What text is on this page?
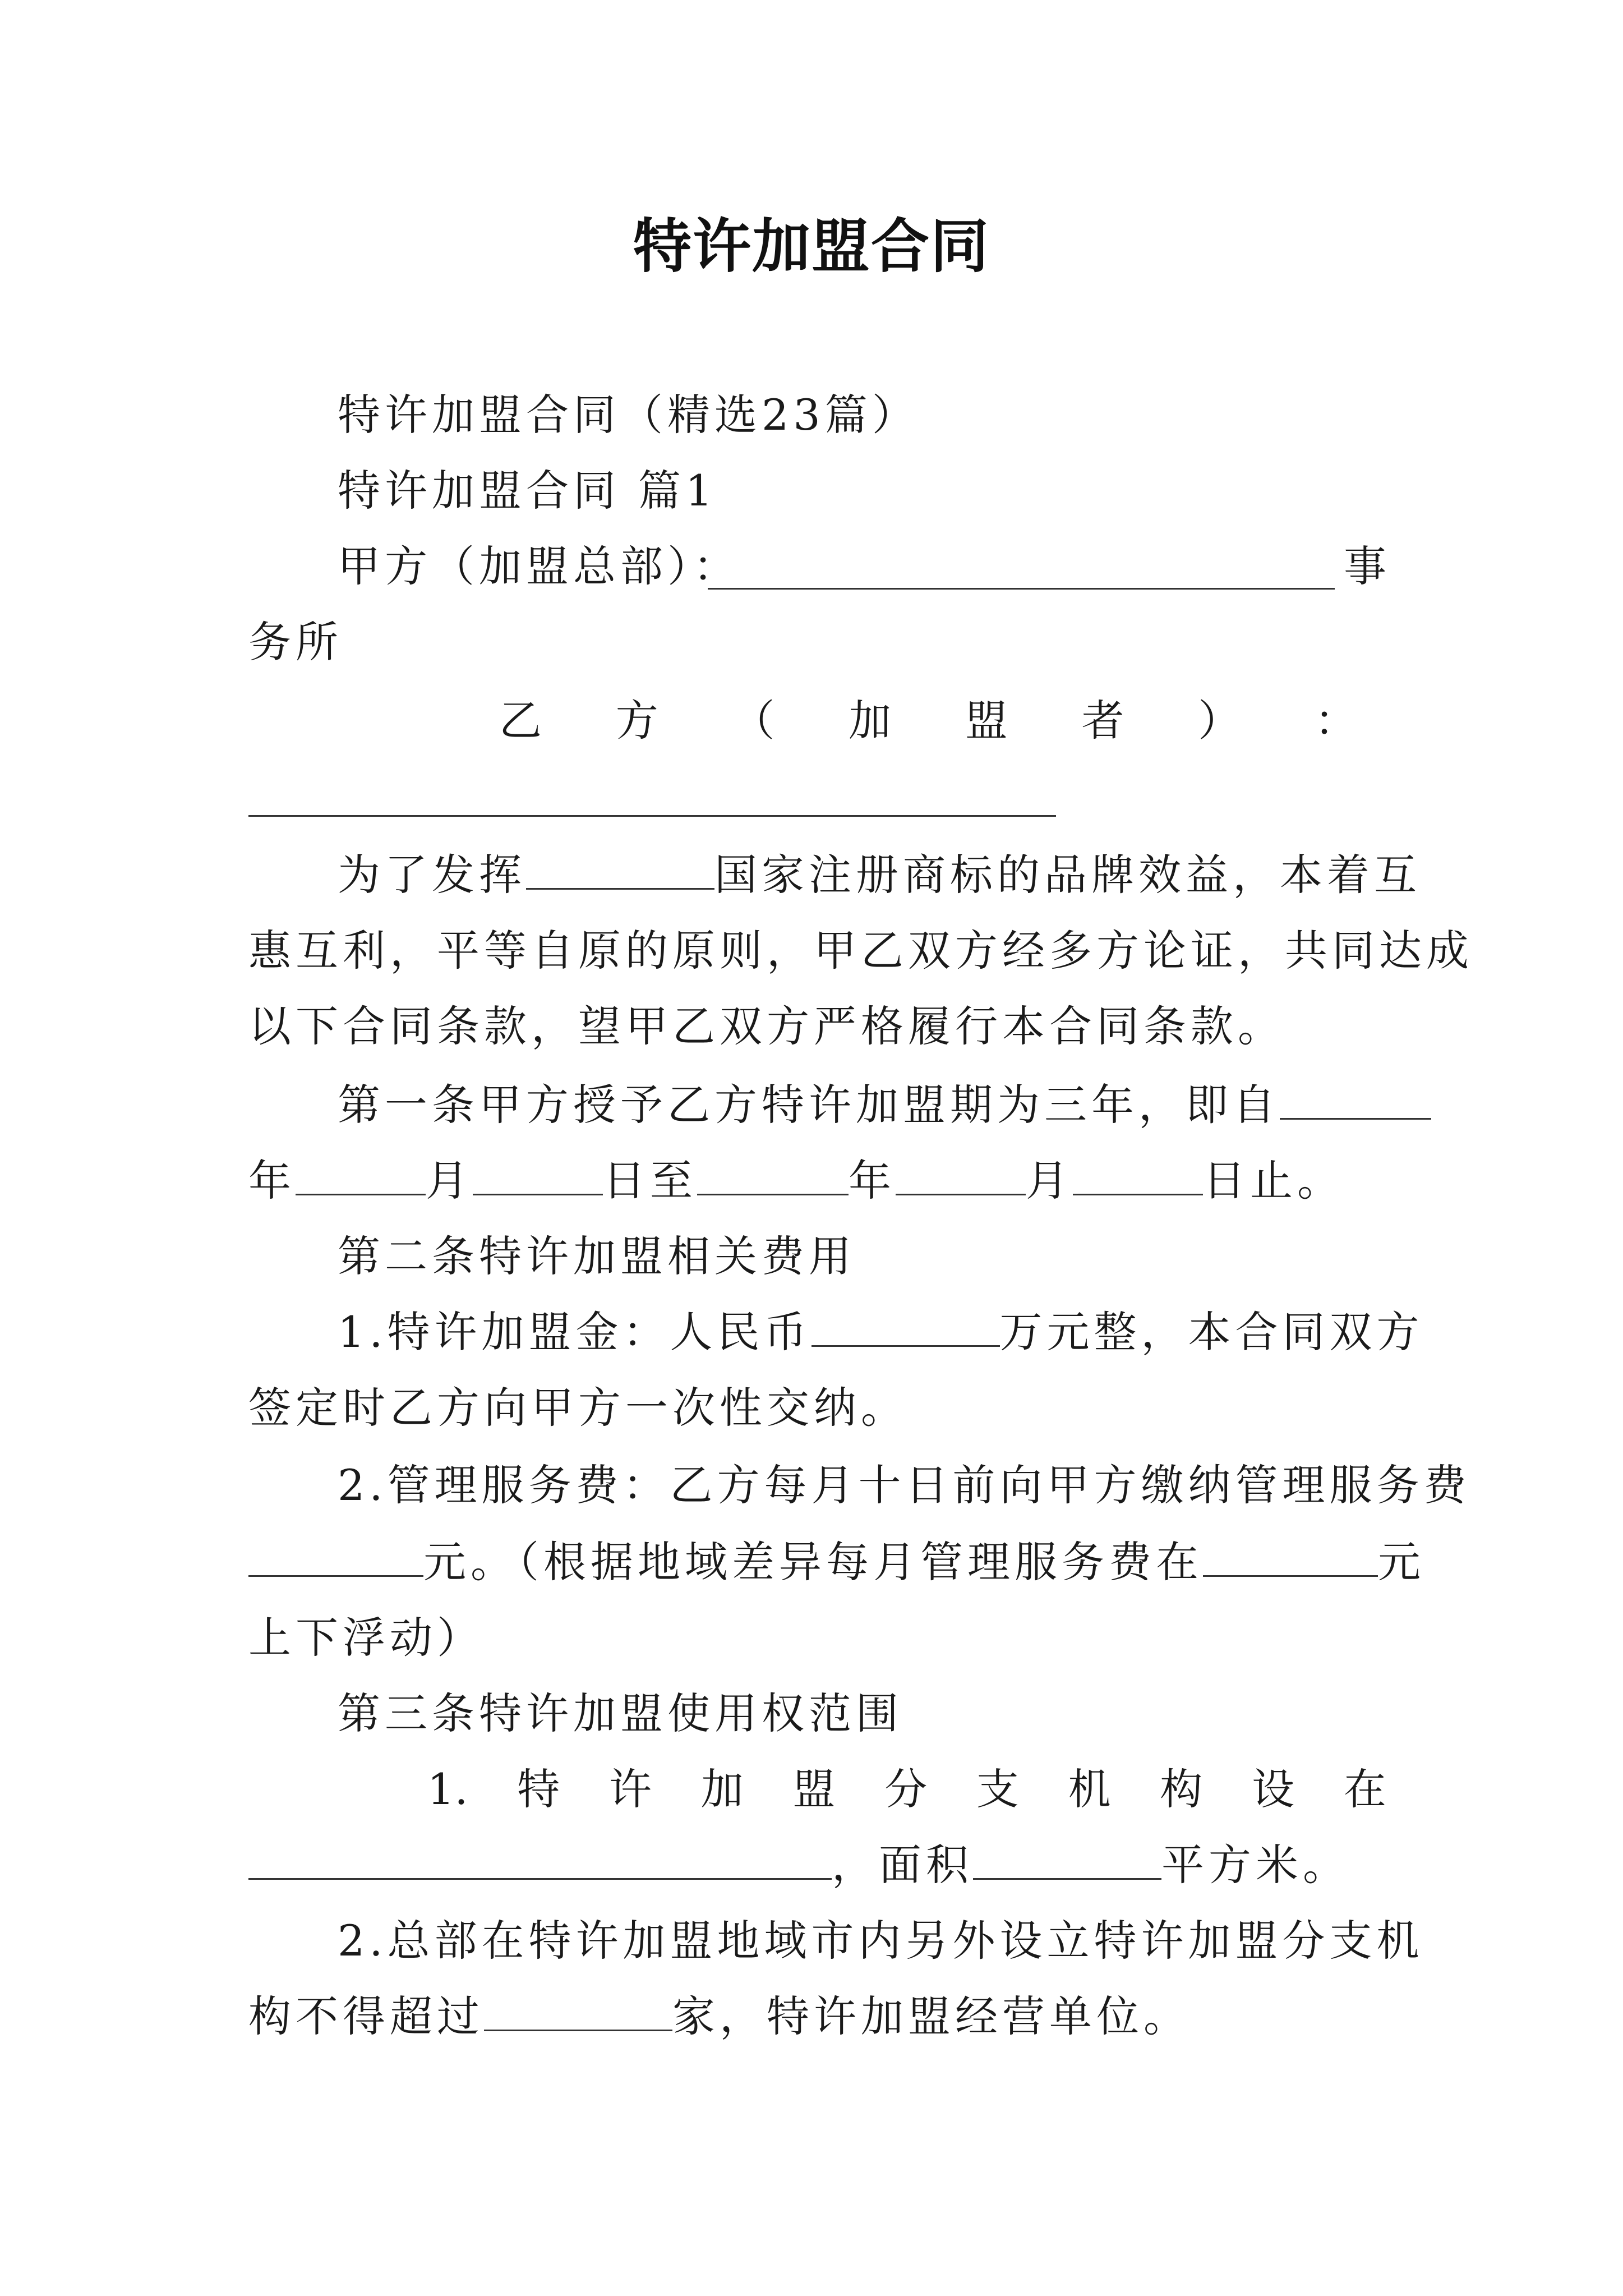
特许加盟合同
特许加盟合同（精选23篇）
特许加盟合同 篇1
甲方（加盟总部）：	事
务所
乙 方 （ 加 盟 者 ） ：
为了发挥	国家注册商标的品牌效益，本着互
惠互利，平等自原的原则，甲乙双方经多方论证，共同达成
以下合同条款，望甲乙双方严格履行本合同条款。
第一条甲方授予乙方特许加盟期为三年，即自
年	月	日至	年	月	日止。
第二条特许加盟相关费用
1.特许加盟金：人民币	万元整，本合同双方
签定时乙方向甲方一次性交纳。
2.管理服务费：乙方每月十日前向甲方缴纳管理服务费
元。（根据地域差异每月管理服务费在	元
上下浮动）
第三条特许加盟使用权范围
1. 特 许 加 盟 分 支 机 构 设 在
，面积	平方米。
2.总部在特许加盟地域市内另外设立特许加盟分支机
构不得超过	家，特许加盟经营单位。
